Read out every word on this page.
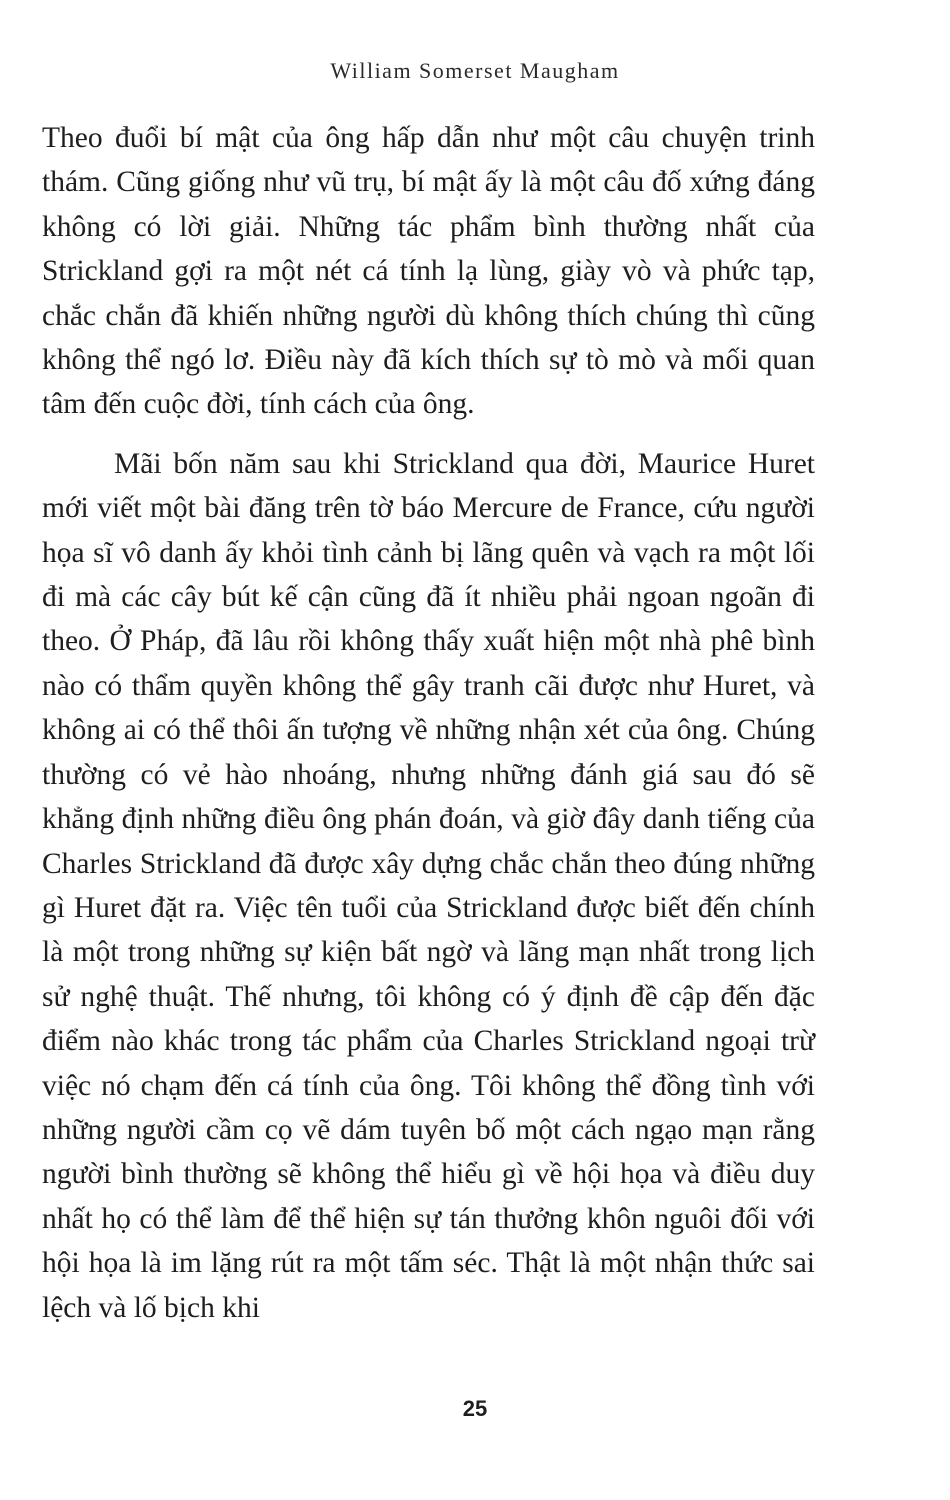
William Somerset Maugham

Theo đuổi bí mật của ông hấp dẫn như một câu chuyện trinh thám. Cũng giống như vũ trụ, bí mật ấy là một câu đố xứng đáng không có lời giải. Những tác phẩm bình thường nhất của Strickland gợi ra một nét cá tính lạ lùng, giày vò và phức tạp, chắc chắn đã khiến những người dù không thích chúng thì cũng không thể ngó lơ. Điều này đã kích thích sự tò mò và mối quan tâm đến cuộc đời, tính cách của ông.

Mãi bốn năm sau khi Strickland qua đời, Maurice Huret mới viết một bài đăng trên tờ báo Mercure de France, cứu người họa sĩ vô danh ấy khỏi tình cảnh bị lãng quên và vạch ra một lối đi mà các cây bút kế cận cũng đã ít nhiều phải ngoan ngoãn đi theo. Ở Pháp, đã lâu rồi không thấy xuất hiện một nhà phê bình nào có thẩm quyền không thể gây tranh cãi được như Huret, và không ai có thể thôi ấn tượng về những nhận xét của ông. Chúng thường có vẻ hào nhoáng, nhưng những đánh giá sau đó sẽ khẳng định những điều ông phán đoán, và giờ đây danh tiếng của Charles Strickland đã được xây dựng chắc chắn theo đúng những gì Huret đặt ra. Việc tên tuổi của Strickland được biết đến chính là một trong những sự kiện bất ngờ và lãng mạn nhất trong lịch sử nghệ thuật. Thế nhưng, tôi không có ý định đề cập đến đặc điểm nào khác trong tác phẩm của Charles Strickland ngoại trừ việc nó chạm đến cá tính của ông. Tôi không thể đồng tình với những người cầm cọ vẽ dám tuyên bố một cách ngạo mạn rằng người bình thường sẽ không thể hiểu gì về hội họa và điều duy nhất họ có thể làm để thể hiện sự tán thưởng khôn nguôi đối với hội họa là im lặng rút ra một tấm séc. Thật là một nhận thức sai lệch và lố bịch khi

25
